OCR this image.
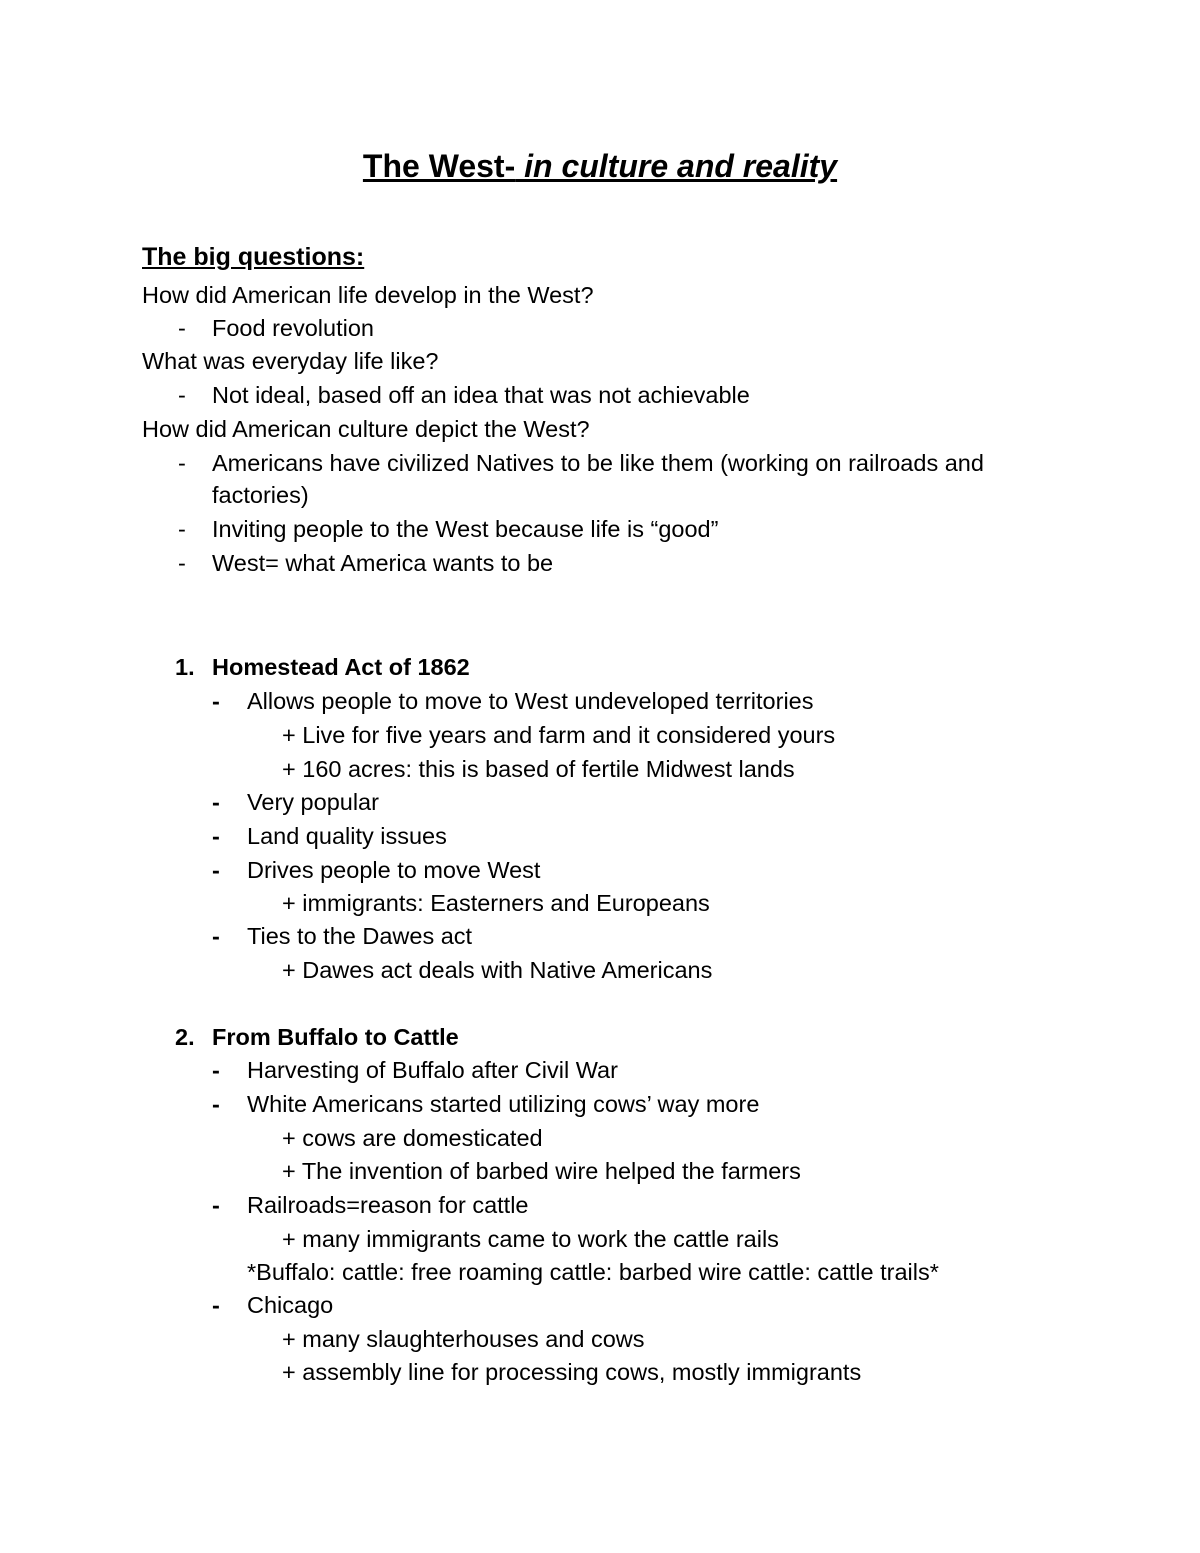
The West- in culture and reality
The big questions:
How did American life develop in the West?
- Food revolution
What was everyday life like?
- Not ideal, based off an idea that was not achievable
How did American culture depict the West?
- Americans have civilized Natives to be like them (working on railroads and
factories)
- Inviting people to the West because life is “good”
- West= what America wants to be
1. Homestead Act of 1862
- Allows people to move to West undeveloped territories
+ Live for five years and farm and it considered yours
+ 160 acres: this is based of fertile Midwest lands
- Very popular
- Land quality issues
- Drives people to move West
+ immigrants: Easterners and Europeans
- Ties to the Dawes act
+ Dawes act deals with Native Americans
2. From Buffalo to Cattle
- Harvesting of Buffalo after Civil War
- White Americans started utilizing cows’ way more
+ cows are domesticated
+ The invention of barbed wire helped the farmers
- Railroads=reason for cattle
+ many immigrants came to work the cattle rails
*Buffalo: cattle: free roaming cattle: barbed wire cattle: cattle trails*
- Chicago
+ many slaughterhouses and cows
+ assembly line for processing cows, mostly immigrants
